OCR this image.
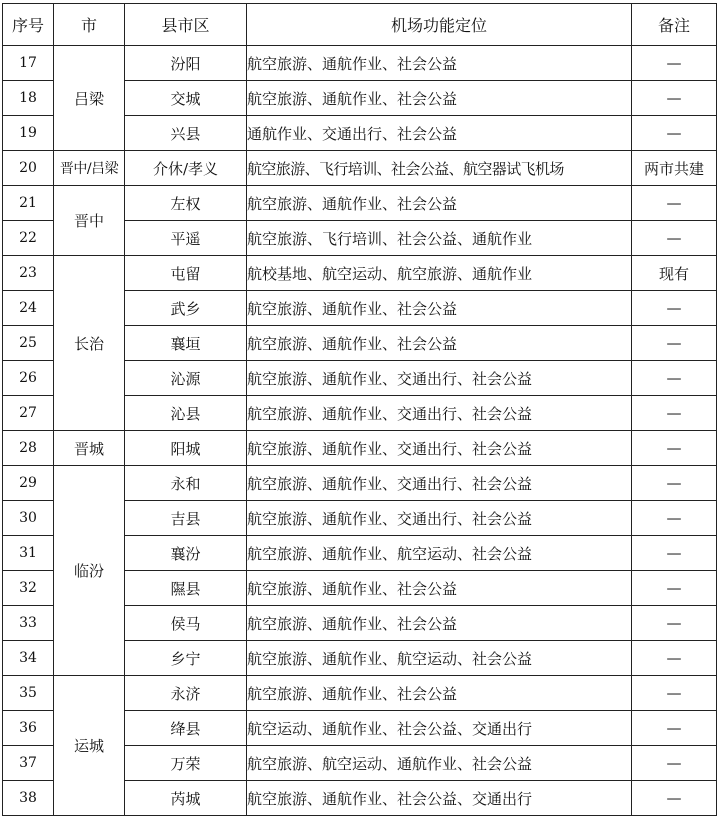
序号	市	县市区	机场功能定位	备注
17	吕梁	汾阳	航空旅游、通航作业、社会公益	—
18		交城	航空旅游、通航作业、社会公益	—
19		兴县	通航作业、交通出行、社会公益	—
20	晋中/吕梁	介休/孝义	航空旅游、飞行培训、社会公益、航空器试飞机场	两市共建
21	晋中	左权	航空旅游、通航作业、社会公益	—
22		平遥	航空旅游、飞行培训、社会公益、通航作业	—
23	长治	屯留	航校基地、航空运动、航空旅游、通航作业	现有
24		武乡	航空旅游、通航作业、社会公益	—
25		襄垣	航空旅游、通航作业、社会公益	—
26		沁源	航空旅游、通航作业、交通出行、社会公益	—
27		沁县	航空旅游、通航作业、交通出行、社会公益	—
28	晋城	阳城	航空旅游、通航作业、交通出行、社会公益	—
29	临汾	永和	航空旅游、通航作业、交通出行、社会公益	—
30		吉县	航空旅游、通航作业、交通出行、社会公益	—
31		襄汾	航空旅游、通航作业、航空运动、社会公益	—
32		隰县	航空旅游、通航作业、社会公益	—
33		侯马	航空旅游、通航作业、社会公益	—
34		乡宁	航空旅游、通航作业、航空运动、社会公益	—
35	运城	永济	航空旅游、通航作业、社会公益	—
36		绛县	航空运动、通航作业、社会公益、交通出行	—
37		万荣	航空旅游、航空运动、通航作业、社会公益	—
38		芮城	航空旅游、通航作业、社会公益、交通出行	—
